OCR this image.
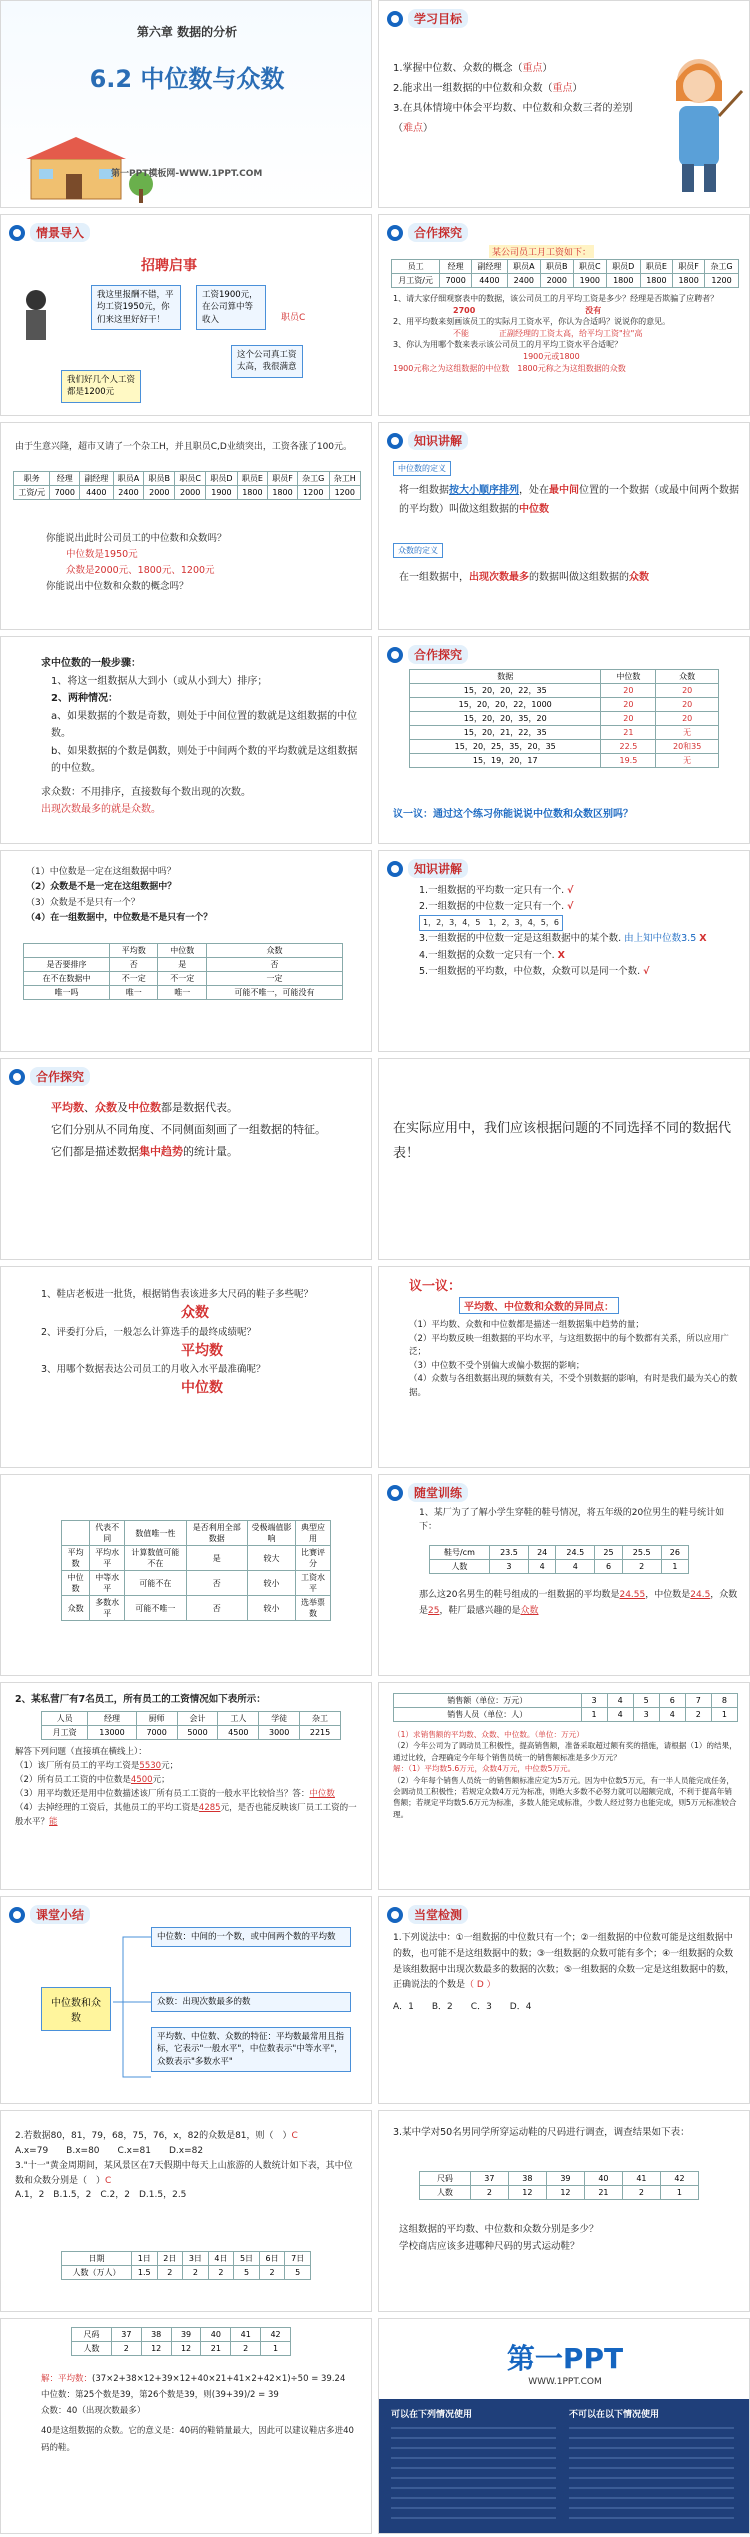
第六章 数据的分析
6.2 中位数与众数
第一PPT模板网-WWW.1PPT.COM
学习目标
1.掌握中位数、众数的概念（重点）
2.能求出一组数据的中位数和众数（重点）
3.在具体情境中体会平均数、中位数和众数三者的差别（难点）
情景导入
招聘启事
我这里报酬不错，平均工资1950元，你们来这里好好干！
工资1900元，在公司算中等收入
这个公司真工资太高，我很满意
我们好几个人工资都是1200元
职员C
合作探究
某公司员工月工资如下：
员工	经理	副经理	职员A	职员B	职员C	职员D	职员E	职员F	杂工G
月工资/元	7000	4400	2400	2000	1900	1800	1800	1800	1200
1、请大家仔细观察表中的数据，该公司员工的月平均工资是多少？经理是否欺骗了应聘者？
2700	没有
2、用平均数来刻画该员工的实际月工资水平，你认为合适吗？说说你的意见。
不能	正副经理的工资太高，给平均工资"拉"高
3、你认为用哪个数来表示该公司员工的月平均工资水平合适呢？
1900元或1800
1900元称之为这组数据的中位数　 1800元称之为这组数据的众数
由于生意兴隆，超市又请了一个杂工H，并且职员C,D业绩突出，工资各涨了100元。
职务	经理	副经理	职员A	职员B	职员C	职员D	职员E	职员F	杂工G	杂工H
工资/元	7000	4400	2400	2000	2000	1900	1800	1800	1200	1200
你能说出此时公司员工的中位数和众数吗？
中位数是1950元
众数是2000元、1800元、1200元
你能说出中位数和众数的概念吗？
知识讲解
中位数的定义
将一组数据按大小顺序排列，处在最中间位置的一个数据（或最中间两个数据的平均数）叫做这组数据的中位数
众数的定义
在一组数据中，出现次数最多的数据叫做这组数据的众数
求中位数的一般步骤：
1、将这一组数据从大到小（或从小到大）排序；
2、两种情况：
a、如果数据的个数是奇数，则处于中间位置的数就是这组数据的中位数。
b、如果数据的个数是偶数，则处于中间两个数的平均数就是这组数据的中位数。
求众数：不用排序，直接数每个数出现的次数。
出现次数最多的就是众数。
合作探究
数据	中位数	众数
15，20，20，22，35	20	20
15，20，20，22，1000	20	20
15，20，20，35，20	20	20
15，20，21，22，35	21	无
15，20，25，35，20，35	22.5	20和35
15，19，20，17	19.5	无
议一议：通过这个练习你能说说中位数和众数区别吗？
（1）中位数是一定在这组数据中吗？
（2）众数是不是一定在这组数据中？
（3）众数是不是只有一个？
（4）在一组数据中，中位数是不是只有一个？
	平均数	中位数	众数
是否要排序	否	是	否
在不在数据中	不一定	不一定	一定
唯一吗	唯一	唯一	可能不唯一，可能没有
知识讲解
1.一组数据的平均数一定只有一个. √
2.一组数据的中位数一定只有一个. √
1，2，3，4，5　1，2，3，4，5，6
3.一组数据的中位数一定是这组数据中的某个数. 由上知中位数3.5 X
4.一组数据的众数一定只有一个. X
5.一组数据的平均数，中位数，众数可以是同一个数. √
合作探究
平均数、众数及中位数都是数据代表。
它们分别从不同角度、不同侧面刻画了一组数据的特征。
它们都是描述数据集中趋势的统计量。
在实际应用中，我们应该根据问题的不同选择不同的数据代表！
1、鞋店老板进一批货，根据销售表该进多大尺码的鞋子多些呢？
众数
2、评委打分后，一般怎么计算选手的最终成绩呢？
平均数
3、用哪个数据表达公司员工的月收入水平最准确呢？
中位数
议一议：
平均数、中位数和众数的异同点：
（1）平均数、众数和中位数都是描述一组数据集中趋势的量；
（2）平均数反映一组数据的平均水平，与这组数据中的每个数都有关系，所以应用广泛；
（3）中位数不受个别偏大或偏小数据的影响；
（4）众数与各组数据出现的频数有关，不受个别数据的影响，有时是我们最为关心的数据。
	代表不同	数值唯一性	是否利用全部数据	受极端值影响	典型应用
平均数	平均水平	计算数值可能不在	是	较大	比赛评分
中位数	中等水平	可能不在	否	较小	工资水平
众数	多数水平	可能不唯一	否	较小	选举票数
随堂训练
1、某厂为了了解小学生穿鞋的鞋号情况，将五年级的20位男生的鞋号统计如下：
鞋号/cm	23.5	24	24.5	25	25.5	26
人数	3	4	4	6	2	1
那么这20名男生的鞋号组成的一组数据的平均数是24.55，中位数是24.5，众数是25，鞋厂最感兴趣的是众数
2、某私营厂有7名员工，所有员工的工资情况如下表所示：
人员	经理	厨师	会计	工人	学徒	杂工
月工资	13000	7000	5000	4500	3000	2215
解答下列问题（直接填在横线上）：
（1）该厂所有员工的平均工资是5530元；
（2）所有员工工资的中位数是4500元；
（3）用平均数还是用中位数描述该厂所有员工工资的一般水平比较恰当？答：中位数
（4）去掉经理的工资后，其他员工的平均工资是4285元，是否也能反映该厂员工工资的一般水平？能
销售额（单位：万元）	3	4	5	6	7	8
销售人员（单位：人）	1	4	3	4	2	1
（1）求销售额的平均数、众数、中位数。（单位：万元）
（2）今年公司为了调动员工积极性，提高销售额，准备采取超过额有奖的措施，请根据（1）的结果，通过比较，合理确定今年每个销售员统一的销售额标准是多少万元？
解：（1）平均数5.6万元，众数4万元，中位数5万元。
（2）今年每个销售人员统一的销售额标准应定为5万元。因为中位数5万元，有一半人员能完成任务，会调动员工积极性；若规定众数4万元为标准，则绝大多数不必努力就可以超额完成，不利于提高年销售额；若规定平均数5.6万元为标准，多数人能完成标准，少数人经过努力也能完成，则5万元标准较合理。
课堂小结
中位数和众数
中位数：中间的一个数，或中间两个数的平均数
众数：出现次数最多的数
平均数、中位数、众数的特征：平均数最常用且指标，它表示"一般水平"，中位数表示"中等水平"，众数表示"多数水平"
当堂检测
1.下列说法中：①一组数据的中位数只有一个；②一组数据的中位数可能是这组数据中的数，也可能不是这组数据中的数；③一组数据的众数可能有多个；④一组数据的众数是该组数据中出现次数最多的数据的次数；⑤一组数据的众数一定是这组数据中的数，正确说法的个数是（ D ）
A．1　　B．2　　C．3　　D．4
2.若数据80，81，79，68，75，76，x，82的众数是81，则（　）C
A.x=79　　B.x=80　　C.x=81　　D.x=82
3."十一"黄金周期间，某风景区在7天假期中每天上山旅游的人数统计如下表，其中位数和众数分别是（　）C
A.1，2　B.1.5，2　C.2，2　D.1.5，2.5
日期	1日	2日	3日	4日	5日	6日	7日
人数（万人）	1.5	2	2	2	5	2	5
3.某中学对50名男同学所穿运动鞋的尺码进行调查，调查结果如下表：
尺码	37	38	39	40	41	42
人数	2	12	12	21	2	1
这组数据的平均数、中位数和众数分别是多少？
学校商店应该多进哪种尺码的男式运动鞋？
尺码	37	38	39	40	41	42
人数	2	12	12	21	2	1
解：平均数：(37×2+38×12+39×12+40×21+41×2+42×1)÷50 = 39.24
中位数：第25个数是39，第26个数是39，则(39+39)/2 = 39
众数：40（出现次数最多）
40是这组数据的众数。它的意义是：40码的鞋销量最大，因此可以建议鞋店多进40码的鞋。
第一PPT
WWW.1PPT.COM
可以在下列情况使用	不可以在以下情况使用
